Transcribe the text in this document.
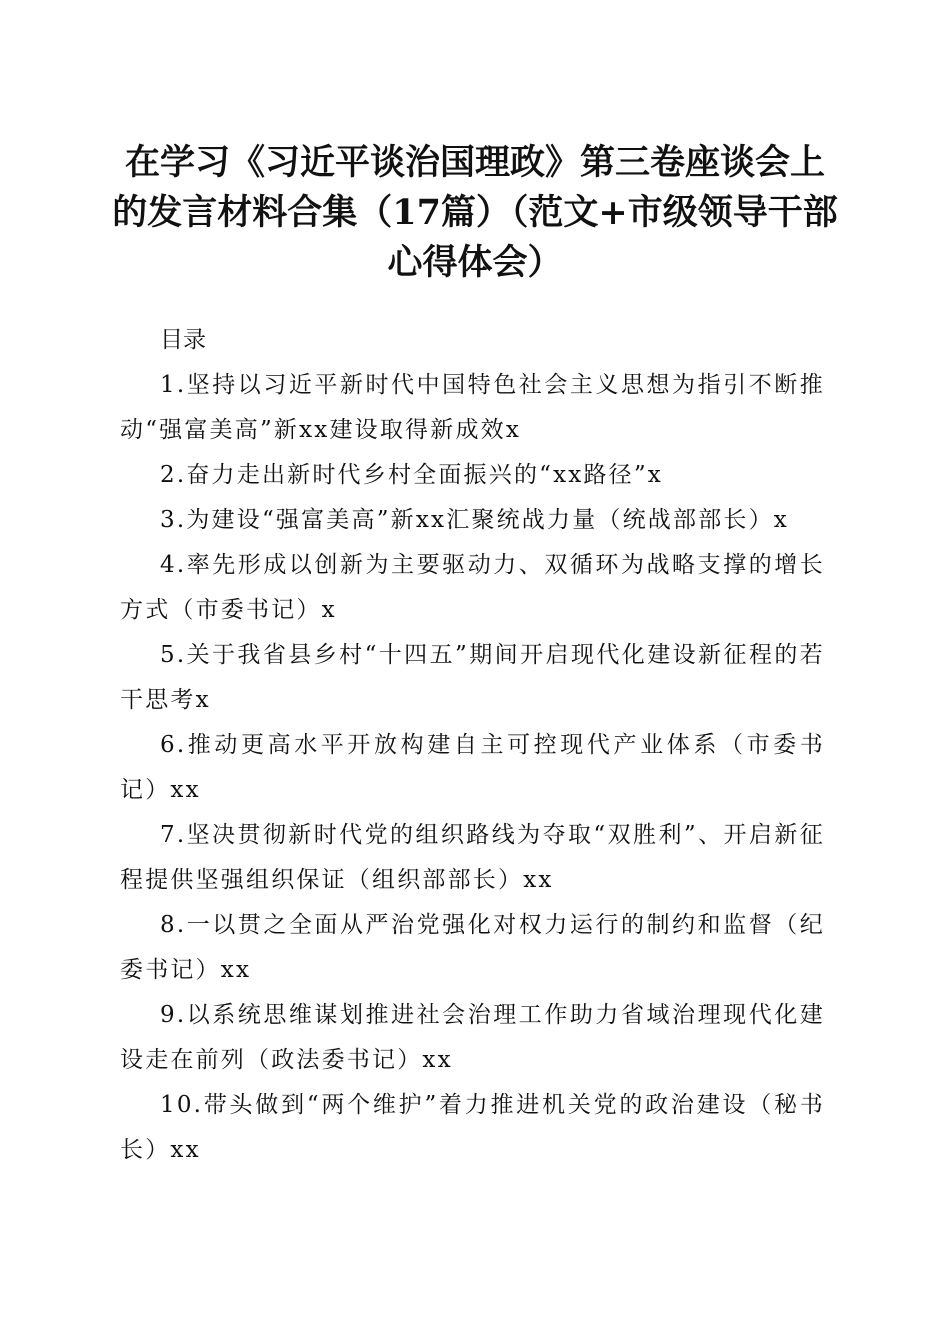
在学习《习近平谈治国理政》第三卷座谈会上的发言材料合集（17篇）（范文+市级领导干部心得体会）

目录

1.坚持以习近平新时代中国特色社会主义思想为指引不断推动“强富美高”新xx建设取得新成效x

2.奋力走出新时代乡村全面振兴的“xx路径”x

3.为建设“强富美高”新xx汇聚统战力量（统战部部长）x

4.率先形成以创新为主要驱动力、双循环为战略支撑的增长方式（市委书记）x

5.关于我省县乡村“十四五”期间开启现代化建设新征程的若干思考x

6.推动更高水平开放构建自主可控现代产业体系（市委书记）xx

7.坚决贯彻新时代党的组织路线为夺取“双胜利”、开启新征程提供坚强组织保证（组织部部长）xx

8.一以贯之全面从严治党强化对权力运行的制约和监督（纪委书记）xx

9.以系统思维谋划推进社会治理工作助力省域治理现代化建设走在前列（政法委书记）xx

10.带头做到“两个维护”着力推进机关党的政治建设（秘书长）xx
